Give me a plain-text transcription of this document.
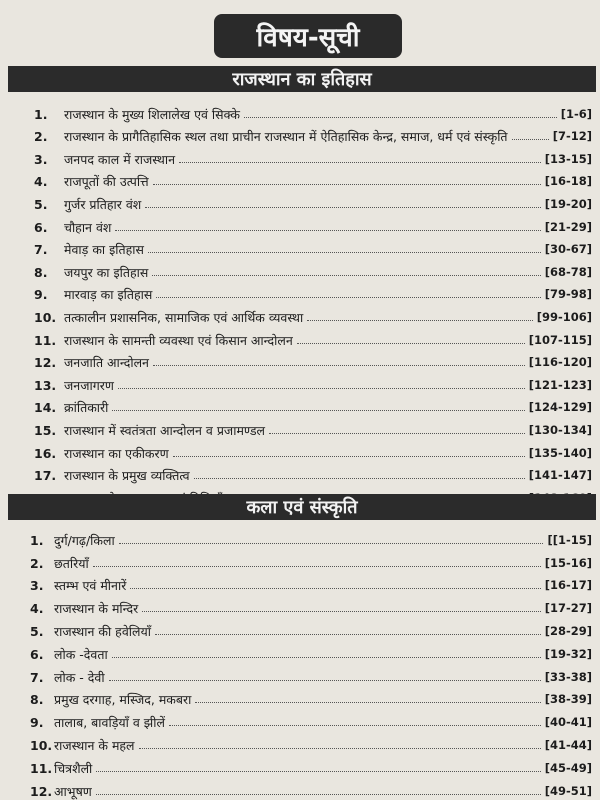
विषय-सूची
राजस्थान का इतिहास
1.	राजस्थान के मुख्य शिलालेख एवं सिक्के	[1-6]
2.	राजस्थान के प्रागैतिहासिक स्थल तथा प्राचीन राजस्थान में ऐतिहासिक केन्द्र, समाज, धर्म एवं संस्कृति	[7-12]
3.	जनपद काल में राजस्थान	[13-15]
4.	राजपूतों की उत्पत्ति	[16-18]
5.	गुर्जर प्रतिहार वंश	[19-20]
6.	चौहान वंश	[21-29]
7.	मेवाड़ का इतिहास	[30-67]
8.	जयपुर का इतिहास	[68-78]
9.	मारवाड़ का इतिहास	[79-98]
10. तत्कालीन प्रशासनिक, सामाजिक एवं आर्थिक व्यवस्था	[99-106]
11. राजस्थान के सामन्ती व्यवस्था एवं किसान आन्दोलन	[107-115]
12. जनजाति आन्दोलन	[116-120]
13. जनजागरण	[121-123]
14. क्रांतिकारी	[124-129]
15. राजस्थान में स्वतंत्रता आन्दोलन व प्रजामण्डल	[130-134]
16. राजस्थान का एकीकरण	[135-140]
17. राजस्थान के प्रमुख व्यक्तित्व	[141-147]
कला एवं संस्कृति
1. दुर्ग/गढ़/किला	[[1-15]
2. छतरियाँ	[15-16]
3. स्तम्भ एवं मीनारें	[16-17]
4. राजस्थान के मन्दिर	[17-27]
5. राजस्थान की हवेलियाँ	[28-29]
6. लोक -देवता	[19-32]
7. लोक - देवी	[33-38]
8. प्रमुख दरगाह, मस्जिद, मकबरा	[38-39]
9. तालाब, बावड़ियाँ व झीलें	[40-41]
10. राजस्थान के महल	[41-44]
11. चित्रशैली	[45-49]
12. आभूषण	[49-51]
